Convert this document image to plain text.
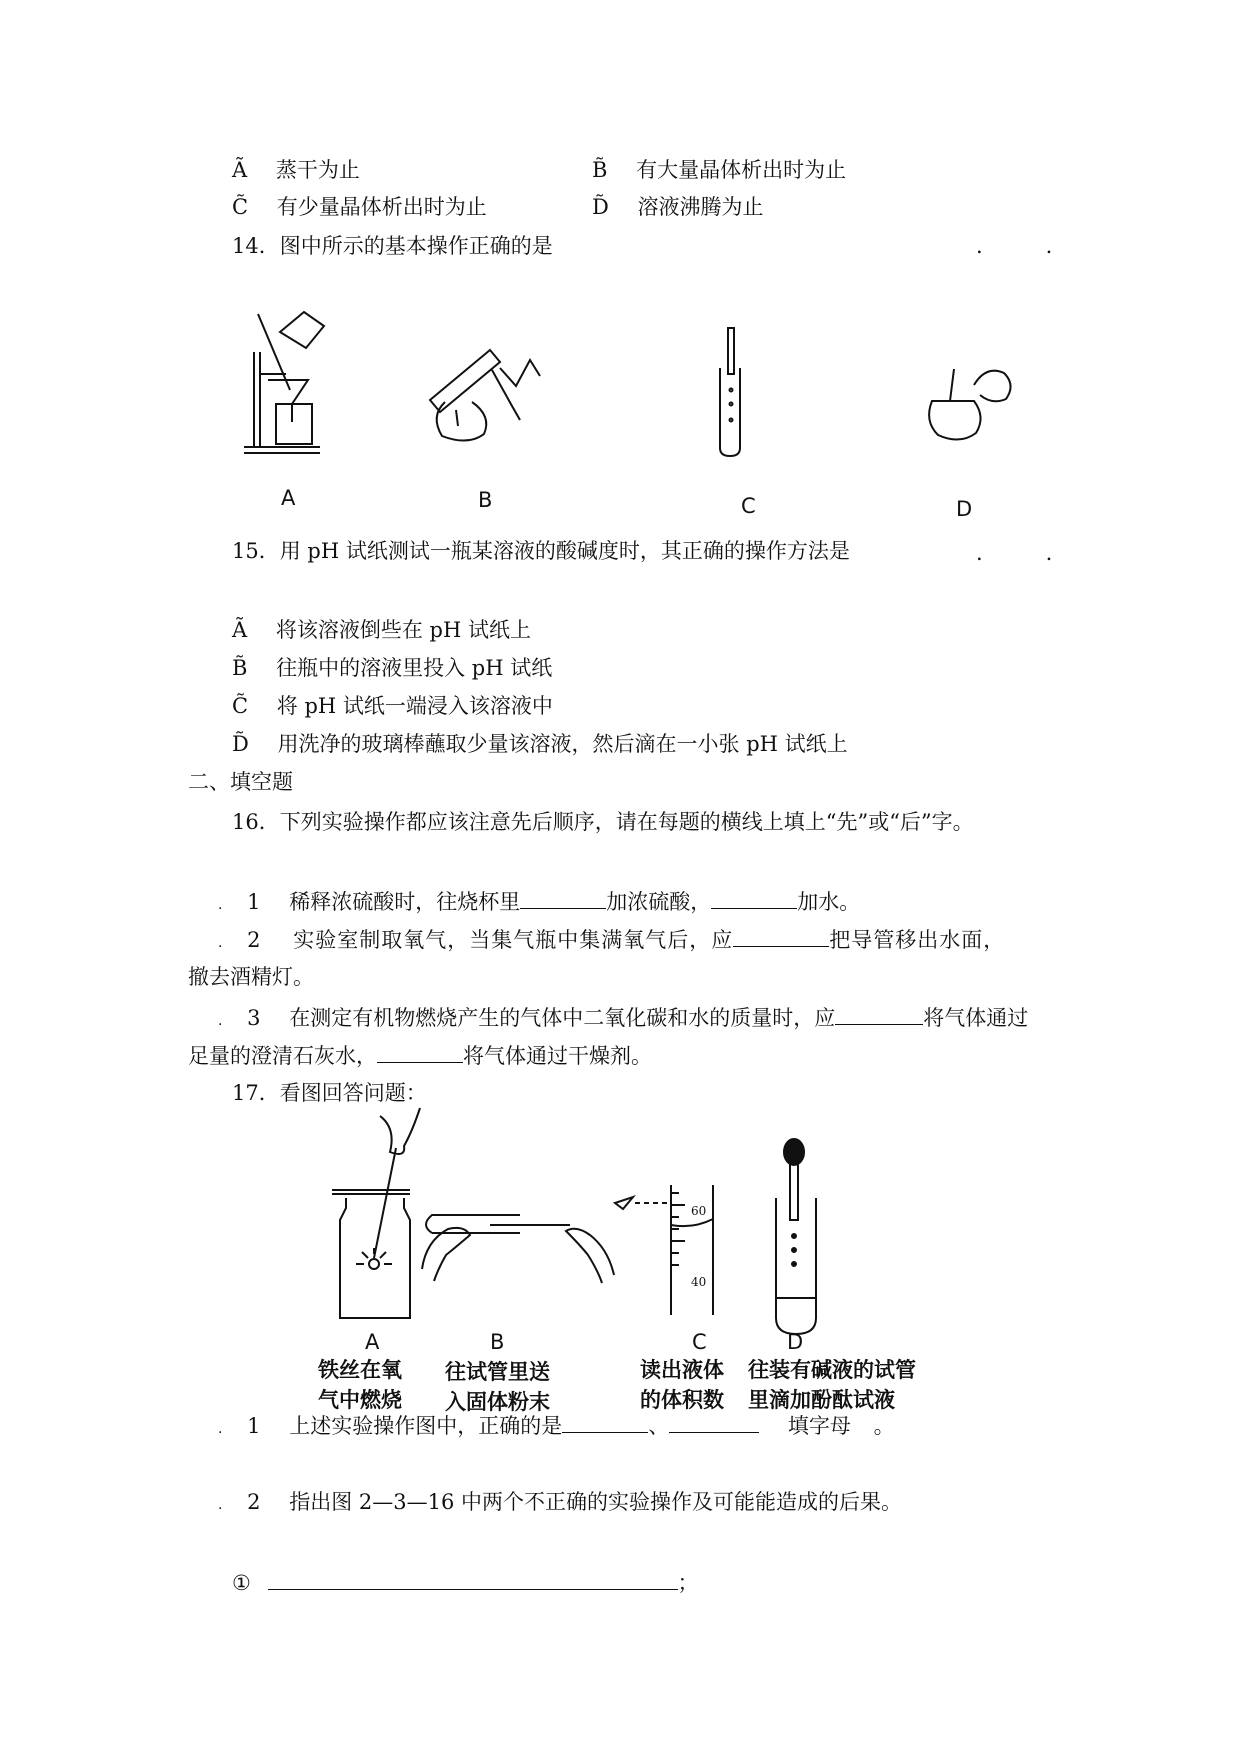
Ã 蒸干为止	B̃ 有大量晶体析出时为止
C̃ 有少量晶体析出时为止	D̃ 溶液沸腾为止
14．图中所示的基本操作正确的是	.　　　.
A	B	C	D
15．用 pH 试纸测试一瓶某溶液的酸碱度时，其正确的操作方法是	.　　　.
Ã 将该溶液倒些在 pH 试纸上
B̃ 往瓶中的溶液里投入 pH 试纸
C̃ 将 pH 试纸一端浸入该溶液中
D̃ 用洗净的玻璃棒蘸取少量该溶液，然后滴在一小张 pH 试纸上
二、填空题
16．下列实验操作都应该注意先后顺序，请在每题的横线上填上“先”或“后”字。
. 1 稀释浓硫酸时，往烧杯里	加浓硫酸，	加水。
. 2 实验室制取氧气，当集气瓶中集满氧气后，应	把导管移出水面，
撤去酒精灯。
. 3 在测定有机物燃烧产生的气体中二氧化碳和水的质量时，应	将气体通过
足量的澄清石灰水，	将气体通过干燥剂。
17．看图回答问题：
60
40
A	B	C	D
铁丝在氧
气中燃烧
往试管里送
入固体粉末
读出液体
的体积数
往装有碱液的试管
里滴加酚酞试液
. 1 上述实验操作图中，正确的是	、	填字母 。
. 2 指出图 2—3—16 中两个不正确的实验操作及可能能造成的后果。
①	；
